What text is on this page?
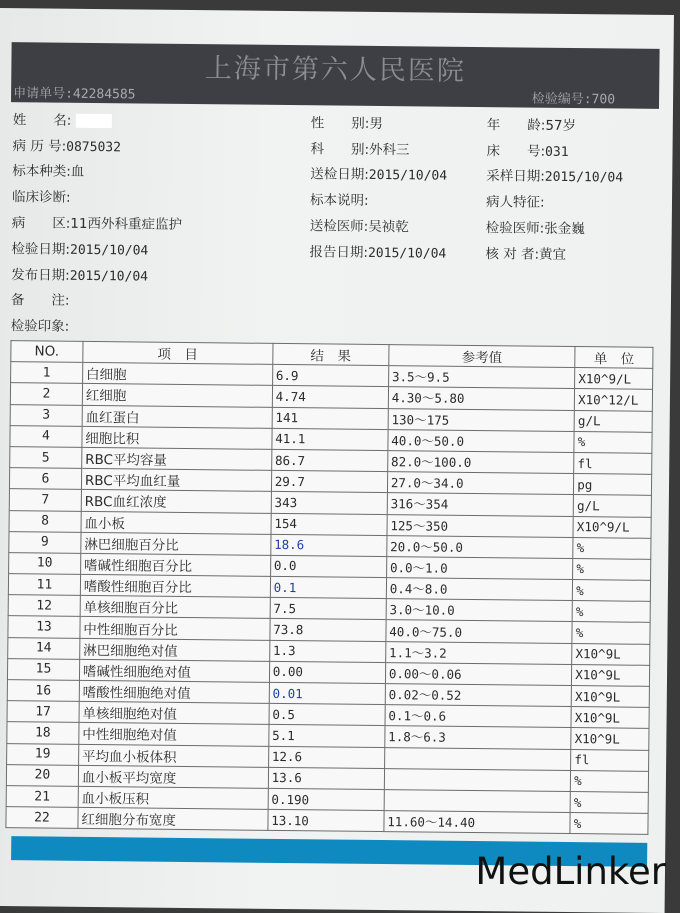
上海市第六人民医院
申请单号:42284585	检验编号:700
姓　　名:	性　　别:男	年　　龄:57岁
病 历 号:0875032	科　　别:外科三	床　　号:031
标本种类:血	送检日期:2015/10/04	采样日期:2015/10/04
临床诊断:	标本说明:	病人特征:
病　　区:11西外科重症监护	送检医师:吴祯乾	检验医师:张金巍
检验日期:2015/10/04	报告日期:2015/10/04	核 对 者:黄宜
发布日期:2015/10/04
备　　注:
检验印象:
NO.	项　目	结　果	参考值	单　位
1	白细胞	6.9	3.5～9.5	X10^9/L
2	红细胞	4.74	4.30～5.80	X10^12/L
3	血红蛋白	141	130～175	g/L
4	细胞比积	41.1	40.0～50.0	%
5	RBC平均容量	86.7	82.0～100.0	fl
6	RBC平均血红量	29.7	27.0～34.0	pg
7	RBC血红浓度	343	316～354	g/L
8	血小板	154	125～350	X10^9/L
9	淋巴细胞百分比	18.6	20.0～50.0	%
10	嗜碱性细胞百分比	0.0	0.0～1.0	%
11	嗜酸性细胞百分比	0.1	0.4～8.0	%
12	单核细胞百分比	7.5	3.0～10.0	%
13	中性细胞百分比	73.8	40.0～75.0	%
14	淋巴细胞绝对值	1.3	1.1～3.2	X10^9L
15	嗜碱性细胞绝对值	0.00	0.00～0.06	X10^9L
16	嗜酸性细胞绝对值	0.01	0.02～0.52	X10^9L
17	单核细胞绝对值	0.5	0.1～0.6	X10^9L
18	中性细胞绝对值	5.1	1.8～6.3	X10^9L
19	平均血小板体积	12.6		fl
20	血小板平均宽度	13.6		%
21	血小板压积	0.190		%
22	红细胞分布宽度	13.10	11.60～14.40	%
MedLinker
